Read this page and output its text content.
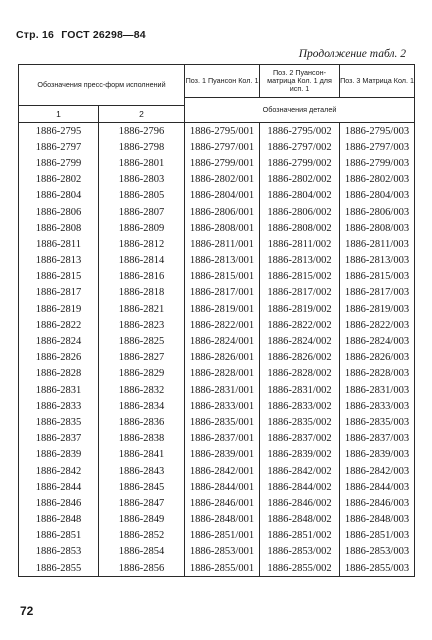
Стр. 16 ГОСТ 26298—84
Продолжение табл. 2
Обозначения пресс-форм исполнений		Поз. 1 Пуансон Кол. 1	Поз. 2 Пуансон-матрица Кол. 1 для исп. 1	Поз. 3 Матрица Кол. 1
		Обозначения деталей		
1	2			
1886-2795	1886-2796	1886-2795/001	1886-2795/002	1886-2795/003
1886-2797	1886-2798	1886-2797/001	1886-2797/002	1886-2797/003
1886-2799	1886-2801	1886-2799/001	1886-2799/002	1886-2799/003
1886-2802	1886-2803	1886-2802/001	1886-2802/002	1886-2802/003
1886-2804	1886-2805	1886-2804/001	1886-2804/002	1886-2804/003
1886-2806	1886-2807	1886-2806/001	1886-2806/002	1886-2806/003
1886-2808	1886-2809	1886-2808/001	1886-2808/002	1886-2808/003
1886-2811	1886-2812	1886-2811/001	1886-2811/002	1886-2811/003
1886-2813	1886-2814	1886-2813/001	1886-2813/002	1886-2813/003
1886-2815	1886-2816	1886-2815/001	1886-2815/002	1886-2815/003
1886-2817	1886-2818	1886-2817/001	1886-2817/002	1886-2817/003
1886-2819	1886-2821	1886-2819/001	1886-2819/002	1886-2819/003
1886-2822	1886-2823	1886-2822/001	1886-2822/002	1886-2822/003
1886-2824	1886-2825	1886-2824/001	1886-2824/002	1886-2824/003
1886-2826	1886-2827	1886-2826/001	1886-2826/002	1886-2826/003
1886-2828	1886-2829	1886-2828/001	1886-2828/002	1886-2828/003
1886-2831	1886-2832	1886-2831/001	1886-2831/002	1886-2831/003
1886-2833	1886-2834	1886-2833/001	1886-2833/002	1886-2833/003
1886-2835	1886-2836	1886-2835/001	1886-2835/002	1886-2835/003
1886-2837	1886-2838	1886-2837/001	1886-2837/002	1886-2837/003
1886-2839	1886-2841	1886-2839/001	1886-2839/002	1886-2839/003
1886-2842	1886-2843	1886-2842/001	1886-2842/002	1886-2842/003
1886-2844	1886-2845	1886-2844/001	1886-2844/002	1886-2844/003
1886-2846	1886-2847	1886-2846/001	1886-2846/002	1886-2846/003
1886-2848	1886-2849	1886-2848/001	1886-2848/002	1886-2848/003
1886-2851	1886-2852	1886-2851/001	1886-2851/002	1886-2851/003
1886-2853	1886-2854	1886-2853/001	1886-2853/002	1886-2853/003
1886-2855	1886-2856	1886-2855/001	1886-2855/002	1886-2855/003
72
